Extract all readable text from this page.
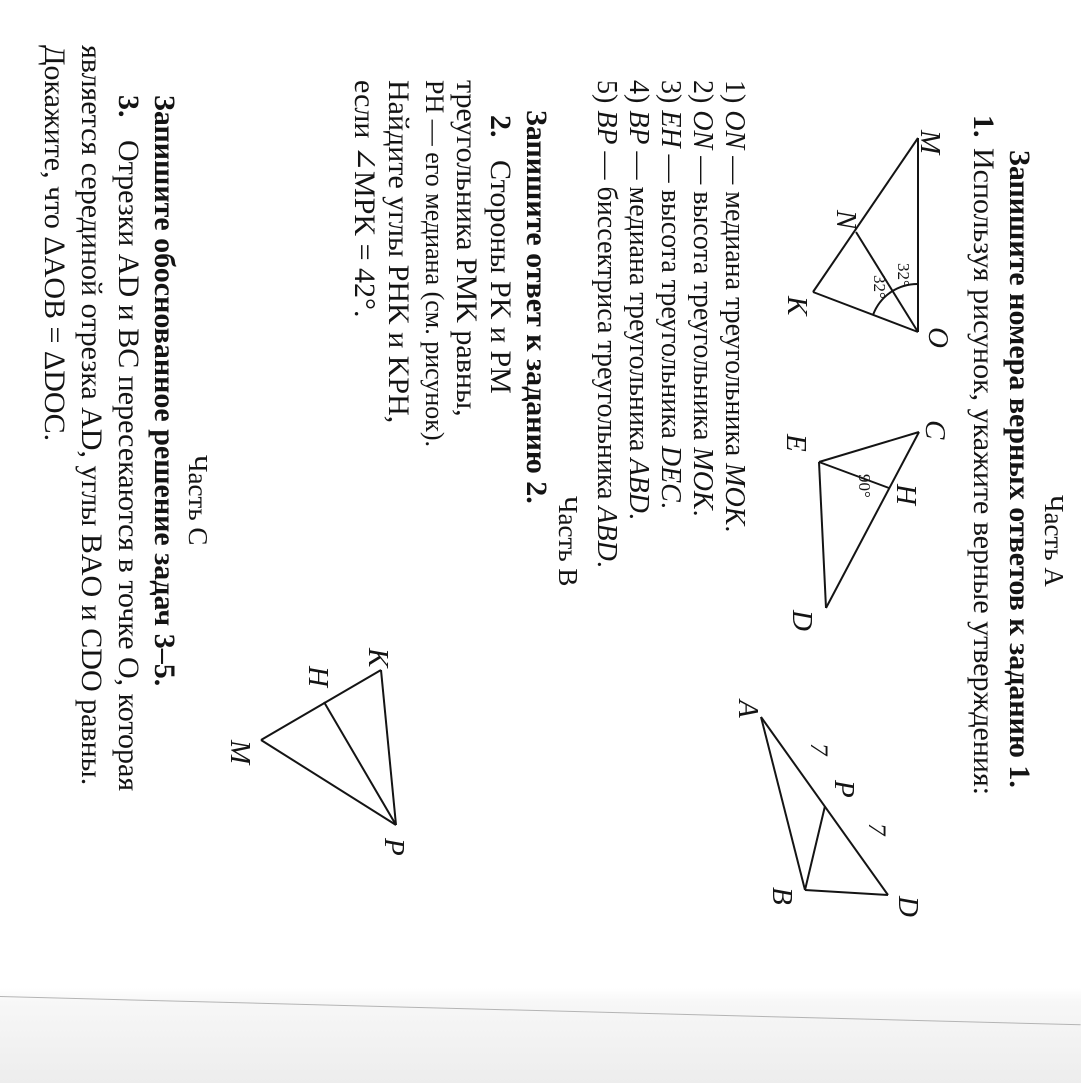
Часть А
Запишите номера верных ответов к заданию 1.
1.
Используя рисунок, укажите верные утверждения:
M
N
K
O
32°
32°
C
H
E
D
90°
A
P
D
B
7
7
1) ON — медиана треугольника MOK.
2) ON — высота треугольника MOK.
3) EH — высота треугольника DEC.
4) BP — медиана треугольника ABD.
5) BP — биссектриса треугольника ABD.
Часть В
Запишите ответ к заданию 2.
2.
Стороны PK и PM
треугольника PMK равны,
PH — его медиана (см. рисунок).
Найдите углы PHK и KPH,
если ∠MPK = 42°.
K
H
M
P
Часть С
Запишите обоснованное решение задач 3–5.
3.
Отрезки AD и BC пересекаются в точке O, которая
является серединой отрезка AD, углы BAO и CDO равны.
Докажите, что ΔAOB = ΔDOC.
